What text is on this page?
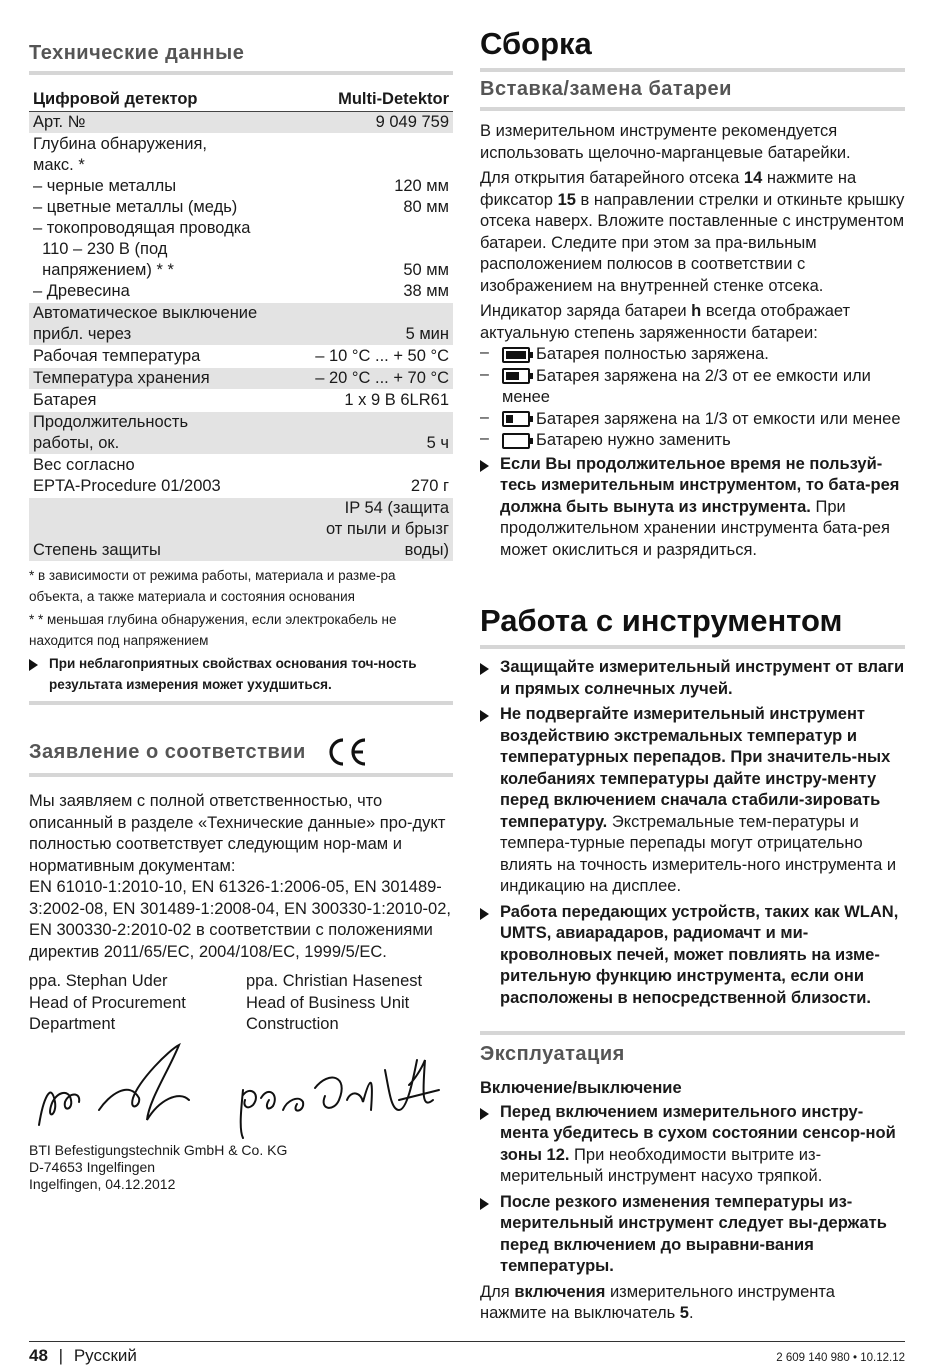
Технические данные
Цифровой детектор	Multi-Detektor

Арт. №	9 049 759

Глубина обнаружения,
макс. *	

– черные металлы	120 мм

– цветные металлы (медь)	80 мм

– токопроводящая проводка
110 – 230 В (под
напряжением) * *	50 мм

– Древесина	38 мм

Автоматическое выключение
прибл. через	5 мин

Рабочая температура	– 10 °C ... + 50 °C

Температура хранения	– 20 °C ... + 70 °C

Батарея	1 x 9 В 6LR61

Продолжительность
работы, ок.	5 ч

Вес согласно
EPTA-Procedure 01/2003	270 г

Степень защиты	IP 54 (защита
от пыли и брызг
воды)

* в зависимости от режима работы, материала и разме-ра объекта, а также материала и состояния основания

* * меньшая глубина обнаружения, если электрокабель не находится под напряжением

При неблагоприятных свойствах основания точ-ность результата измерения может ухудшиться.

Заявление о соответствии

Мы заявляем с полной ответственностью, что описанный в разделе «Технические данные» про-дукт полностью соответствует следующим нор-мам и нормативным документам:

EN 61010-1:2010-10, EN 61326-1:2006-05, EN 301489-3:2002-08, EN 301489-1:2008-04, EN 300330-1:2010-02, EN 300330-2:2010-02 в соответствии с положениями директив 2011/65/EC, 2004/108/EC, 1999/5/EC.

ppa. Stephan Uder

Head of Procurement

Department

ppa. Christian Hasenest

Head of Business Unit

Construction

BTI Befestigungstechnik GmbH & Co. KG

D-74653 Ingelfingen

Ingelfingen, 04.12.2012

Сборка
Вставка/замена батареи

В измерительном инструменте рекомендуется использовать щелочно-марганцевые батарейки.

Для открытия батарейного отсека 14 нажмите на фиксатор 15 в направлении стрелки и откиньте крышку отсека наверх. Вложите поставленные с инструментом батареи. Следите при этом за пра-вильным расположением полюсов в соответствии с изображением на внутренней стенке отсека.

Индикатор заряда батареи h всегда отображает актуальную степень заряженности батареи:

–	Батарея полностью заряжена.

–	Батарея заряжена на 2/3 от ее емкости или менее

–	Батарея заряжена на 1/3 от емкости или менее

–	Батарею нужно заменить

Если Вы продолжительное время не пользуй-тесь измерительным инструментом, то бата-рея должна быть вынута из инструмента. При продолжительном хранении инструмента бата-рея может окислиться и разрядиться.

Работа с инструментом

Защищайте измерительный инструмент от влаги и прямых солнечных лучей.

Не подвергайте измерительный инструмент воздействию экстремальных температур и температурных перепадов. При значитель-ных колебаниях температуры дайте инстру-менту перед включением сначала стабили-зировать температуру. Экстремальные тем-пературы и темпера-турные перепады могут отрицательно влиять на точность измеритель-ного инструмента и индикацию на дисплее.

Работа передающих устройств, таких как WLAN, UMTS, авиарадаров, радиомачт и ми-кроволновых печей, может повлиять на изме-рительную функцию инструмента, если они расположены в непосредственной близости.

Эксплуатация

Включение/выключение

Перед включением измерительного инстру-мента убедитесь в сухом состоянии сенсор-ной зоны 12. При необходимости вытрите из-мерительный инструмент насухо тряпкой.

После резкого изменения температуры из-мерительный инструмент следует вы-держать перед включением до выравни-вания температуры.

Для включения измерительного инструмента нажмите на выключатель 5.

48 | Русский	2 609 140 980 • 10.12.12
